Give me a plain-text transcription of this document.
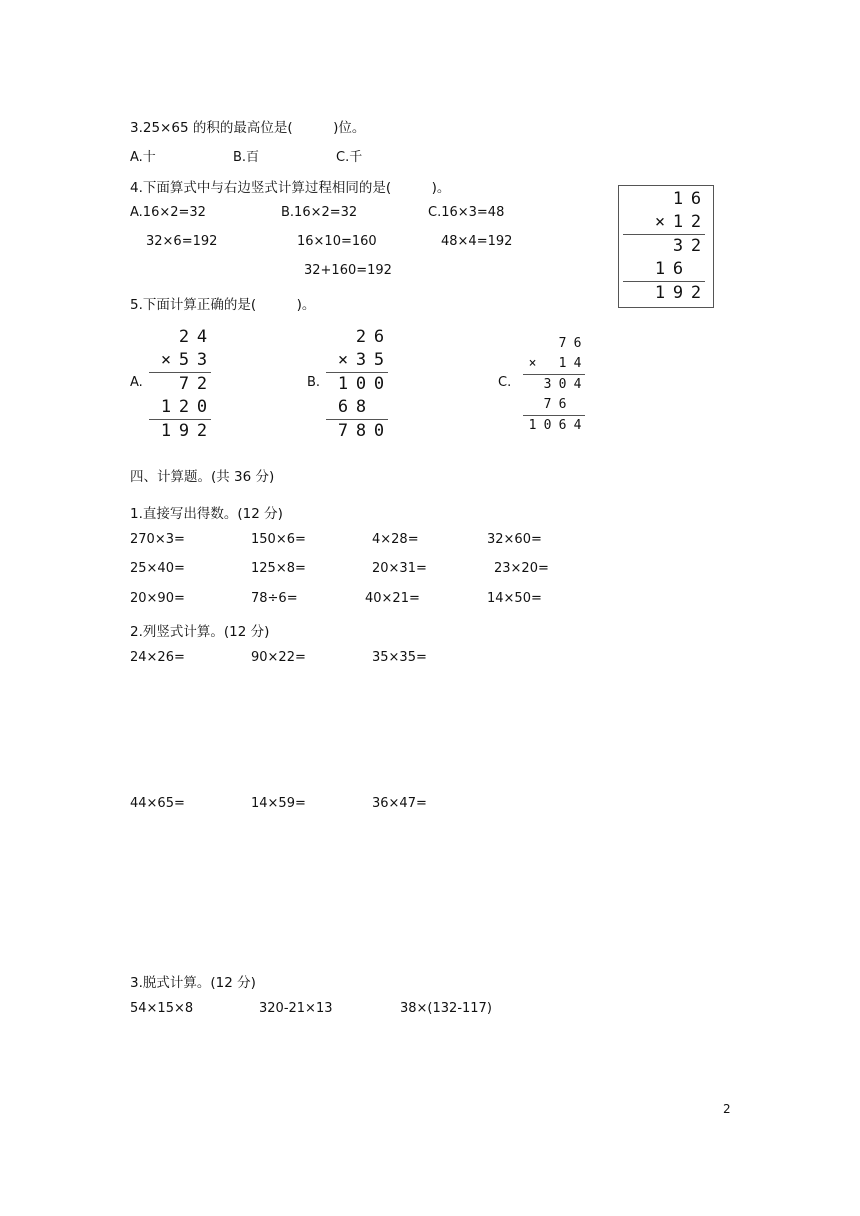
3.25×65 的积的最高位是(　　　)位。
A.十	B.百	C.千
4.下面算式中与右边竖式计算过程相同的是(　　　)。
A.16×2=32
32×6=192
B.16×2=32
16×10=160
32+160=192
C.16×3=48
48×4=192
1 6
× 1 2
3 2
1 6
1 9 2
5.下面计算正确的是(　　　)。
A.
2 4
× 5 3
7 2
1 2 0
1 9 2
B.
2 6
× 3 5
1 0 0
6 8
7 8 0
C.
7 6
× 1 4
3 0 4
7 6
1 0 6 4
四、计算题。(共 36 分)
1.直接写出得数。(12 分)
270×3=	150×6=	4×28=	32×60=
25×40=	125×8=	20×31=	23×20=
20×90=	78÷6=	40×21=	14×50=
2.列竖式计算。(12 分)
24×26=	90×22=	35×35=
44×65=	14×59=	36×47=
3.脱式计算。(12 分)
54×15×8	320-21×13	38×(132-117)
2
